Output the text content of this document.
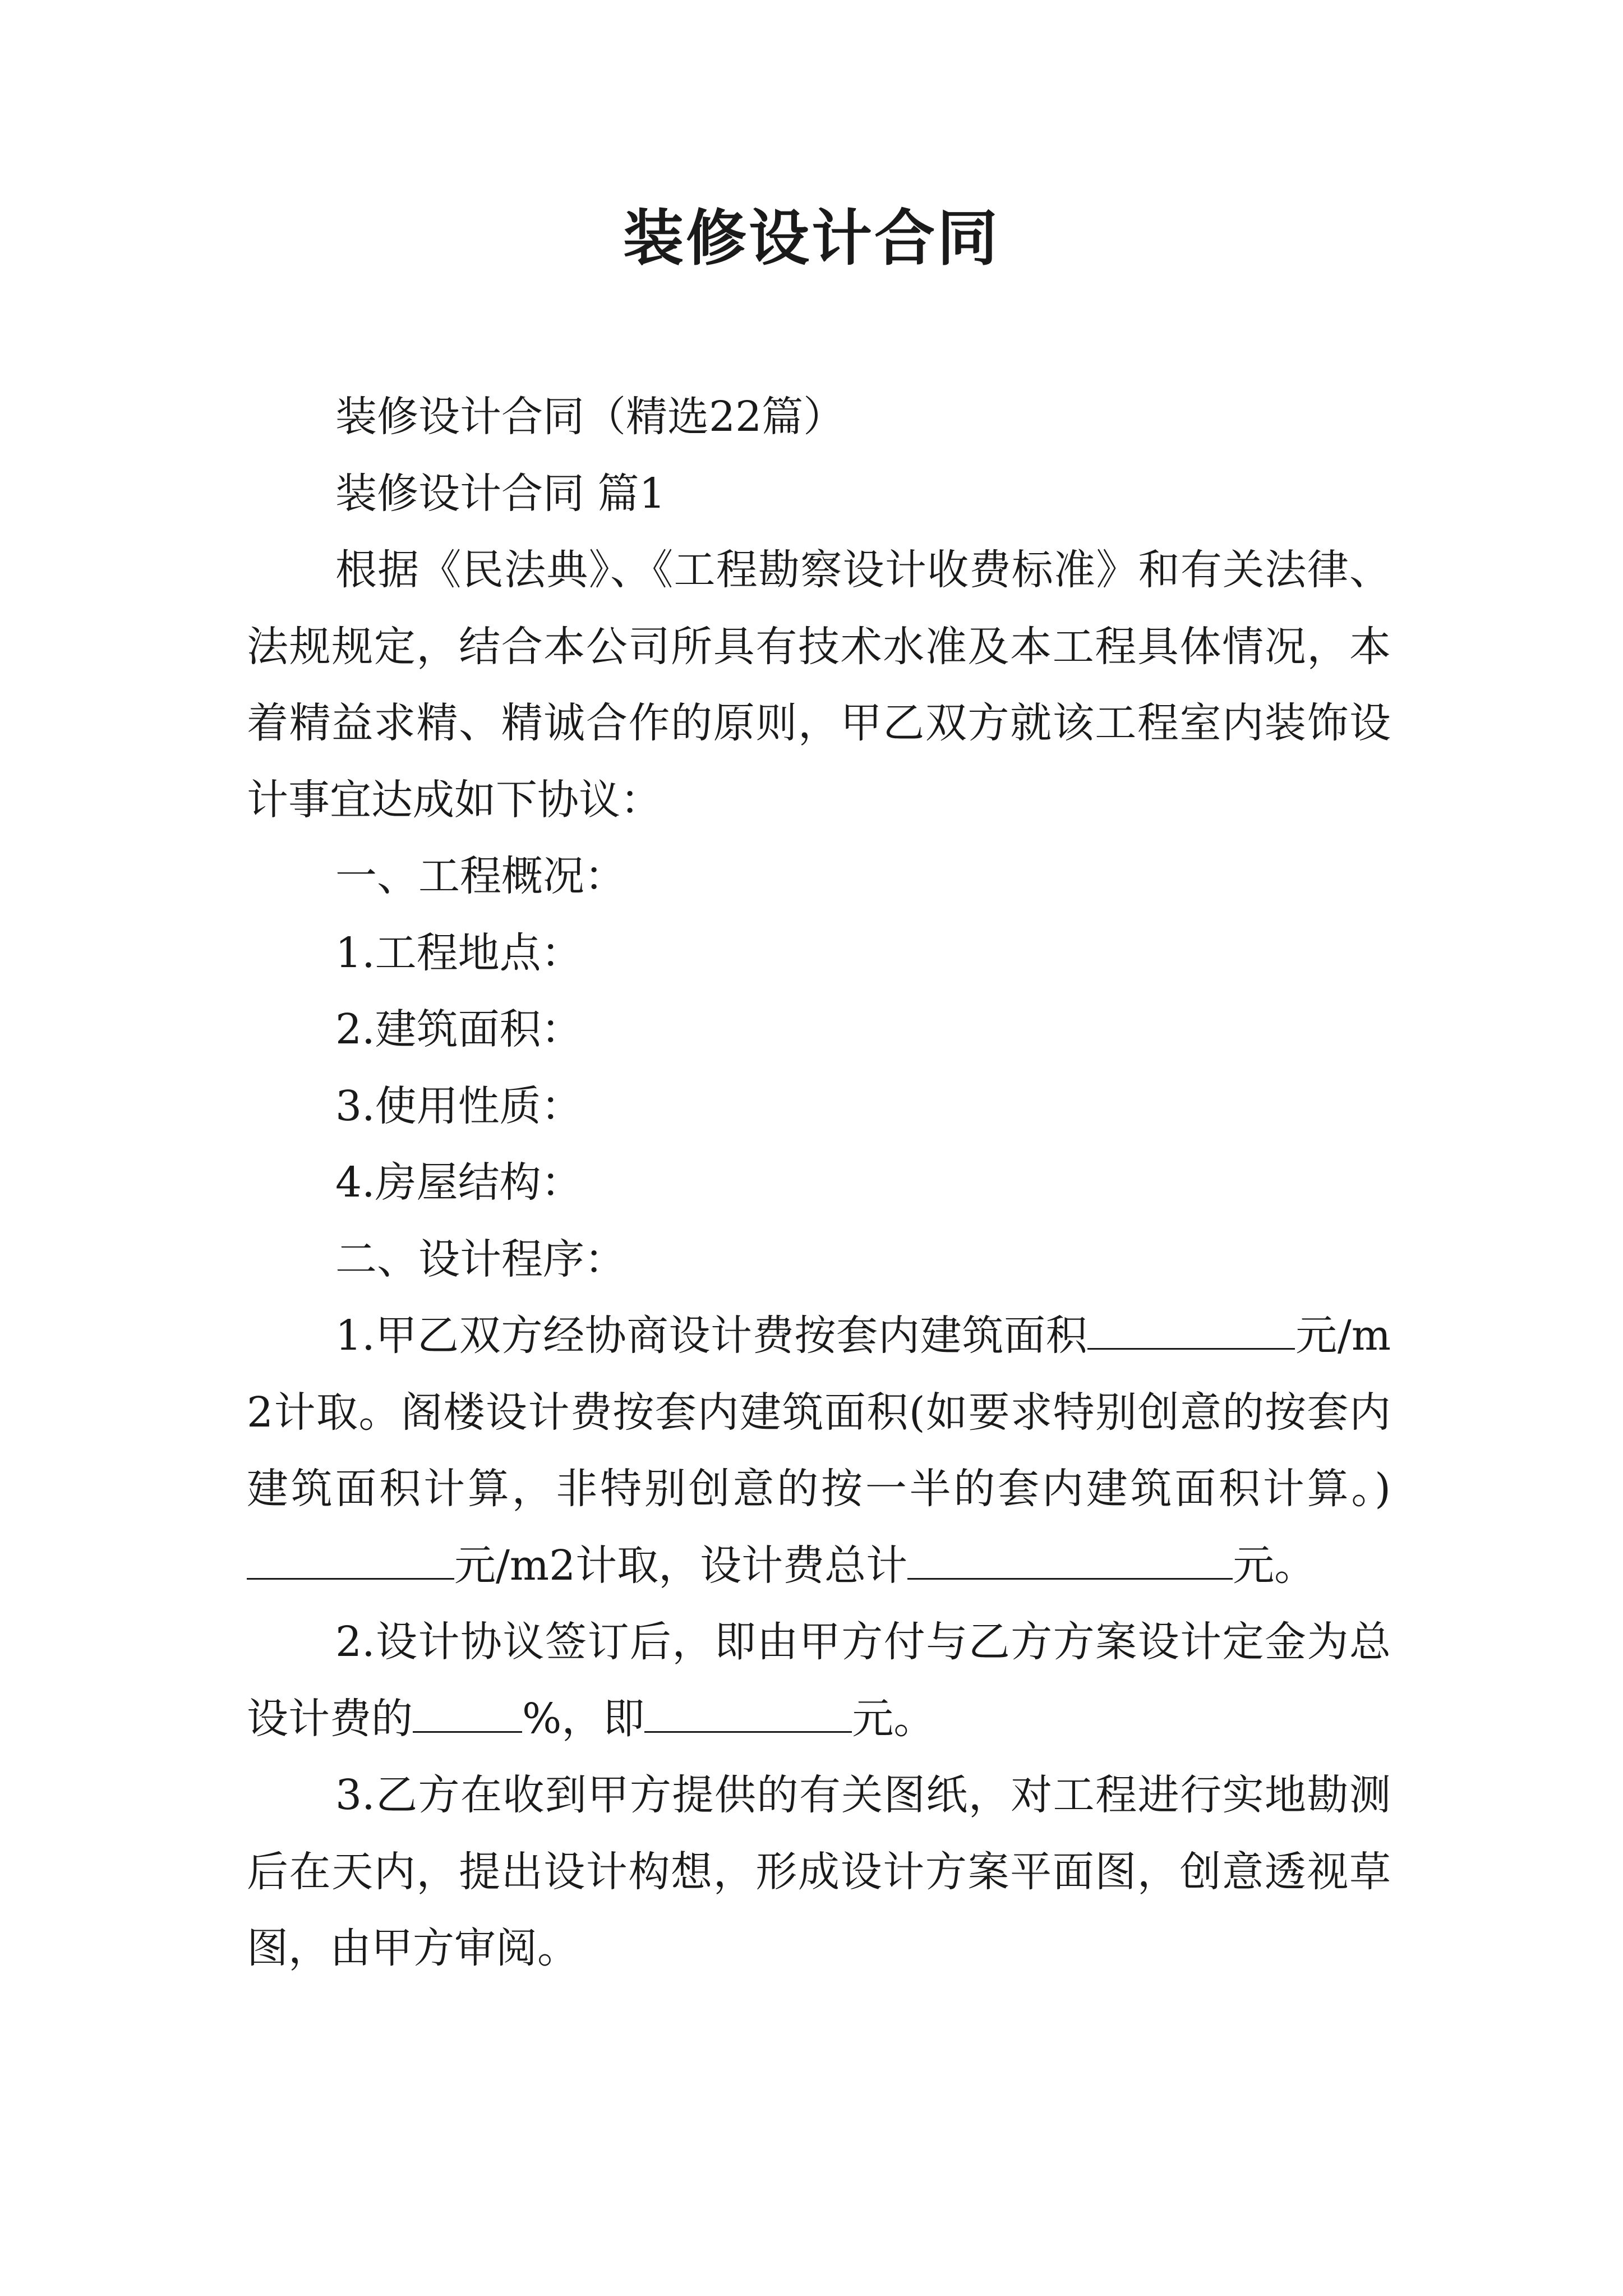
装修设计合同

装修设计合同（精选22篇）

装修设计合同 篇1

根据《民法典》、《工程勘察设计收费标准》和有关法律、法规规定，结合本公司所具有技术水准及本工程具体情况，本着精益求精、精诚合作的原则，甲乙双方就该工程室内装饰设计事宜达成如下协议：

一、工程概况：

1.工程地点：

2.建筑面积：

3.使用性质：

4.房屋结构：

二、设计程序：

1.甲乙双方经协商设计费按套内建筑面积	元/m2计取。阁楼设计费按套内建筑面积(如要求特别创意的按套内建筑面积计算，非特别创意的按一半的套内建筑面积计算。)元/m2计取，设计费总计	元。

2.设计协议签订后，即由甲方付与乙方方案设计定金为总设计费的	%，即	元。

3.乙方在收到甲方提供的有关图纸，对工程进行实地勘测后在天内，提出设计构想，形成设计方案平面图，创意透视草图，由甲方审阅。
